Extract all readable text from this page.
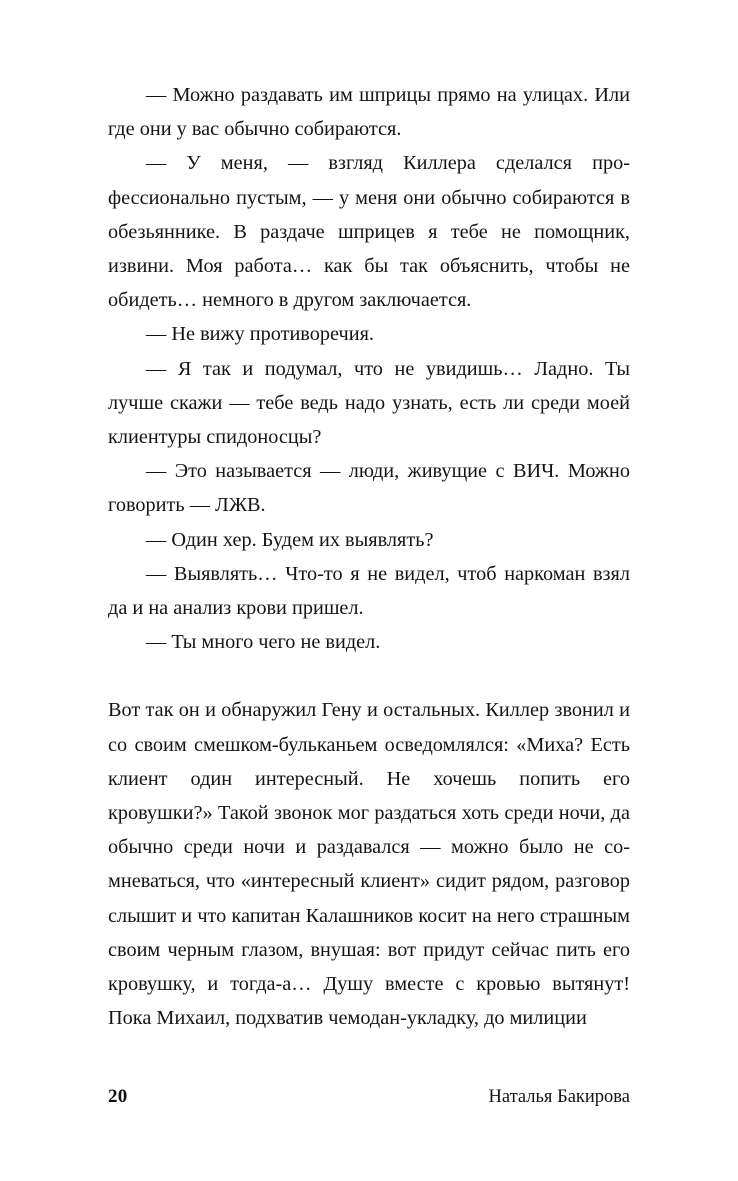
— Можно раздавать им шприцы прямо на улицах. Или где они у вас обычно собираются.

— У меня, — взгляд Киллера сделался профессионально пустым, — у меня они обычно собираются в обезьяннике. В раздаче шприцев я тебе не помощник, извини. Моя работа… как бы так объяснить, чтобы не обидеть… немного в другом заключается.

— Не вижу противоречия.

— Я так и подумал, что не увидишь… Ладно. Ты лучше скажи — тебе ведь надо узнать, есть ли среди моей клиентуры спидоносцы?

— Это называется — люди, живущие с ВИЧ. Можно говорить — ЛЖВ.

— Один хер. Будем их выявлять?

— Выявлять… Что-то я не видел, чтоб наркоман взял да и на анализ крови пришел.

— Ты много чего не видел.

Вот так он и обнаружил Гену и остальных. Киллер звонил и со своим смешком-бульканьем осведомлялся: «Миха? Есть клиент один интересный. Не хочешь попить его кровушки?» Такой звонок мог раздаться хоть среди ночи, да обычно среди ночи и раздавался — можно было не сомневаться, что «интересный клиент» сидит рядом, разговор слышит и что капитан Калашников косит на него страшным своим черным глазом, внушая: вот придут сейчас пить его кровушку, и тогда-а… Душу вместе с кровью вытянут! Пока Михаил, подхватив чемодан-укладку, до милиции

20	Наталья Бакирова
